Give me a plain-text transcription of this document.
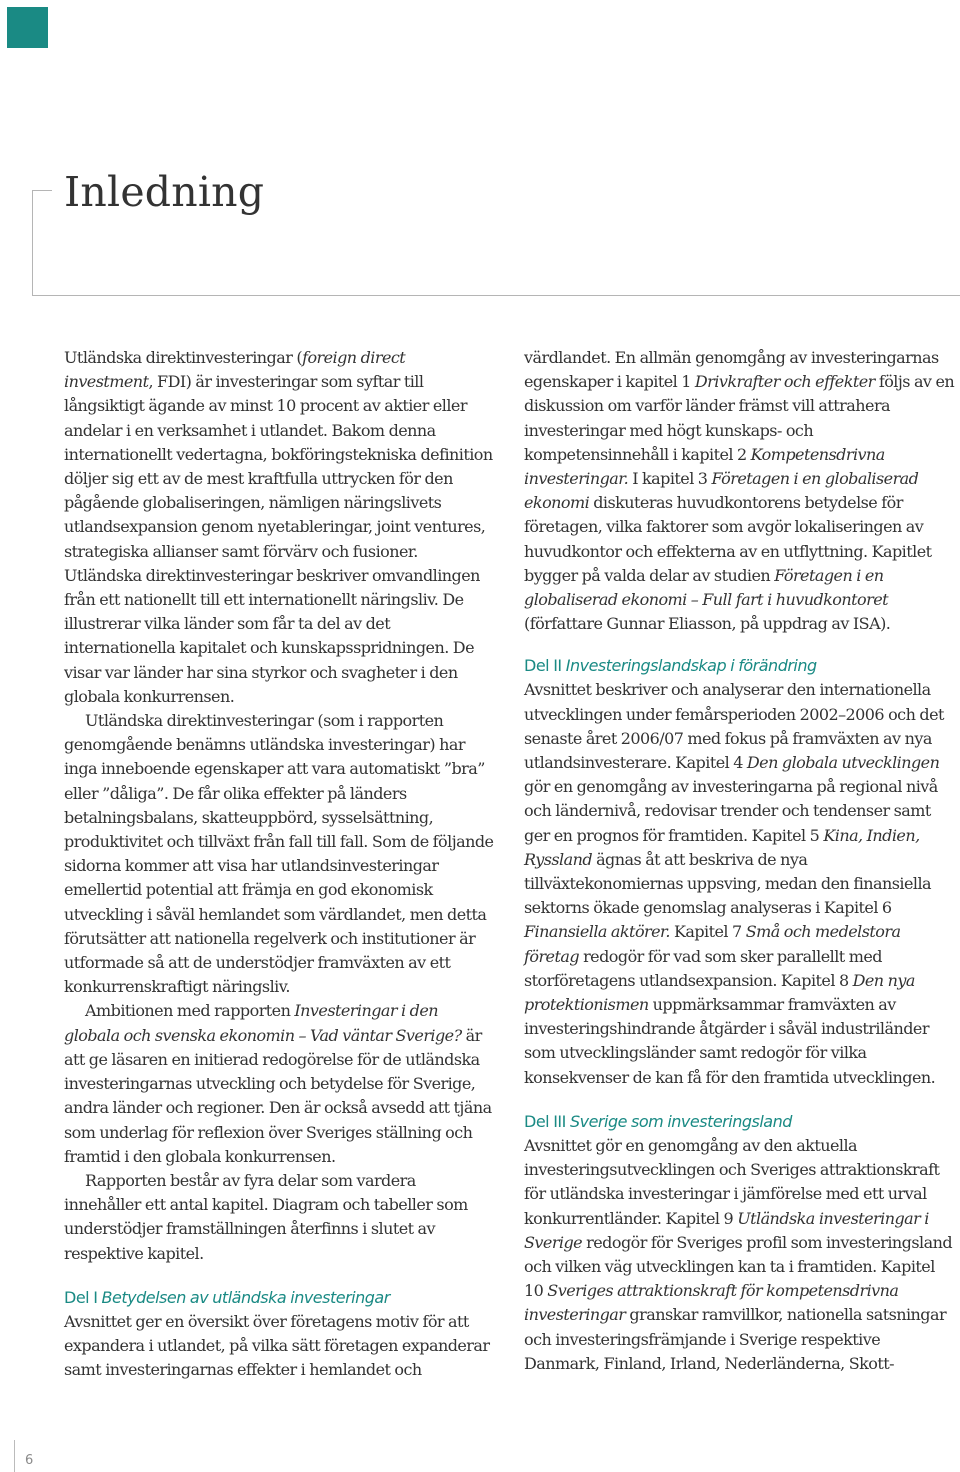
Inledning

Utländska direktinvesteringar (foreign direct investment, FDI) är investeringar som syftar till långsiktigt ägande av minst 10 procent av aktier eller andelar i en verksamhet i utlandet. Bakom denna internationellt vedertagna, bokföringstekniska definition döljer sig ett av de mest kraftfulla uttrycken för den pågående globaliseringen, nämligen näringslivets utlandsexpansion genom nyetableringar, joint ventures, strategiska allianser samt förvärv och fusioner. Utländska direktinvesteringar beskriver omvandlingen från ett nationellt till ett internationellt näringsliv. De illustrerar vilka länder som får ta del av det internationella kapitalet och kunskapsspridningen. De visar var länder har sina styrkor och svagheter i den globala konkurrensen.

Utländska direktinvesteringar (som i rapporten genomgående benämns utländska investeringar) har inga inneboende egenskaper att vara automatiskt ”bra” eller ”dåliga”. De får olika effekter på länders betalningsbalans, skatteuppbörd, sysselsättning, produktivitet och tillväxt från fall till fall. Som de följande sidorna kommer att visa har utlandsinvesteringar emellertid potential att främja en god ekonomisk utveckling i såväl hemlandet som värdlandet, men detta förutsätter att nationella regelverk och institutioner är utformade så att de understödjer framväxten av ett konkurrenskraftigt näringsliv.

Ambitionen med rapporten Investeringar i den globala och svenska ekonomin – Vad väntar Sverige? är att ge läsaren en initierad redogörelse för de utländska investeringarnas utveckling och betydelse för Sverige, andra länder och regioner. Den är också avsedd att tjäna som underlag för reflexion över Sveriges ställning och framtid i den globala konkurrensen.

Rapporten består av fyra delar som vardera innehåller ett antal kapitel. Diagram och tabeller som understödjer framställningen återfinns i slutet av respektive kapitel.

Del I Betydelsen av utländska investeringar

Avsnittet ger en översikt över företagens motiv för att expandera i utlandet, på vilka sätt företagen expanderar samt investeringarnas effekter i hemlandet och

värdlandet. En allmän genomgång av investeringarnas egenskaper i kapitel 1 Drivkrafter och effekter följs av en diskussion om varför länder främst vill attrahera investeringar med högt kunskaps- och kompetensinnehåll i kapitel 2 Kompetensdrivna investeringar. I kapitel 3 Företagen i en globaliserad ekonomi diskuteras huvudkontorens betydelse för företagen, vilka faktorer som avgör lokaliseringen av huvudkontor och effekterna av en utflyttning. Kapitlet bygger på valda delar av studien Företagen i en globaliserad ekonomi – Full fart i huvudkontoret (författare Gunnar Eliasson, på uppdrag av ISA).

Del II Investeringslandskap i förändring

Avsnittet beskriver och analyserar den internationella utvecklingen under femårsperioden 2002–2006 och det senaste året 2006/07 med fokus på framväxten av nya utlandsinvesterare. Kapitel 4 Den globala utvecklingen gör en genomgång av investeringarna på regional nivå och ländernivå, redovisar trender och tendenser samt ger en prognos för framtiden. Kapitel 5 Kina, Indien, Ryssland ägnas åt att beskriva de nya tillväxtekonomiernas uppsving, medan den finansiella sektorns ökade genomslag analyseras i Kapitel 6 Finansiella aktörer. Kapitel 7 Små och medelstora företag redogör för vad som sker parallellt med storföretagens utlandsexpansion. Kapitel 8 Den nya protektionismen uppmärksammar framväxten av investeringshindrande åtgärder i såväl industriländer som utvecklingsländer samt redogör för vilka konsekvenser de kan få för den framtida utvecklingen.

Del III Sverige som investeringsland

Avsnittet gör en genomgång av den aktuella investeringsutvecklingen och Sveriges attraktionskraft för utländska investeringar i jämförelse med ett urval konkurrentländer. Kapitel 9 Utländska investeringar i Sverige redogör för Sveriges profil som investeringsland och vilken väg utvecklingen kan ta i framtiden. Kapitel 10 Sveriges attraktionskraft för kompetensdrivna investeringar granskar ramvillkor, nationella satsningar och investeringsfrämjande i Sverige respektive Danmark, Finland, Irland, Nederländerna, Skott-

6
